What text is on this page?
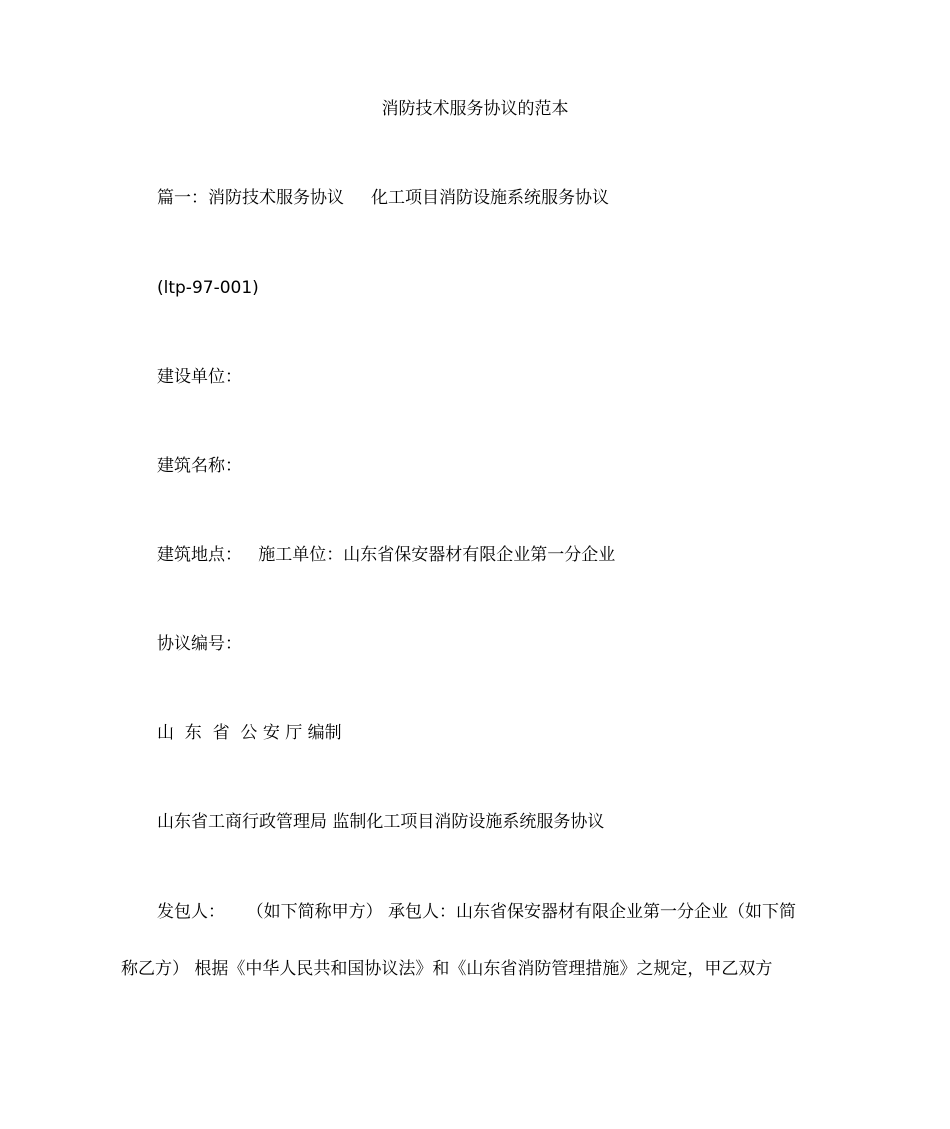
消防技术服务协议的范本
篇一：消防技术服务协议     化工项目消防设施系统服务协议
(ltp-97-001)
建设单位：
建筑名称：
建筑地点：   施工单位：山东省保安器材有限企业第一分企业
协议编号：
山  东  省  公 安 厅 编制
山东省工商行政管理局 监制化工项目消防设施系统服务协议
发包人：    （如下简称甲方） 承包人：山东省保安器材有限企业第一分企业（如下简
称乙方） 根据《中华人民共和国协议法》和《山东省消防管理措施》之规定，甲乙双方
